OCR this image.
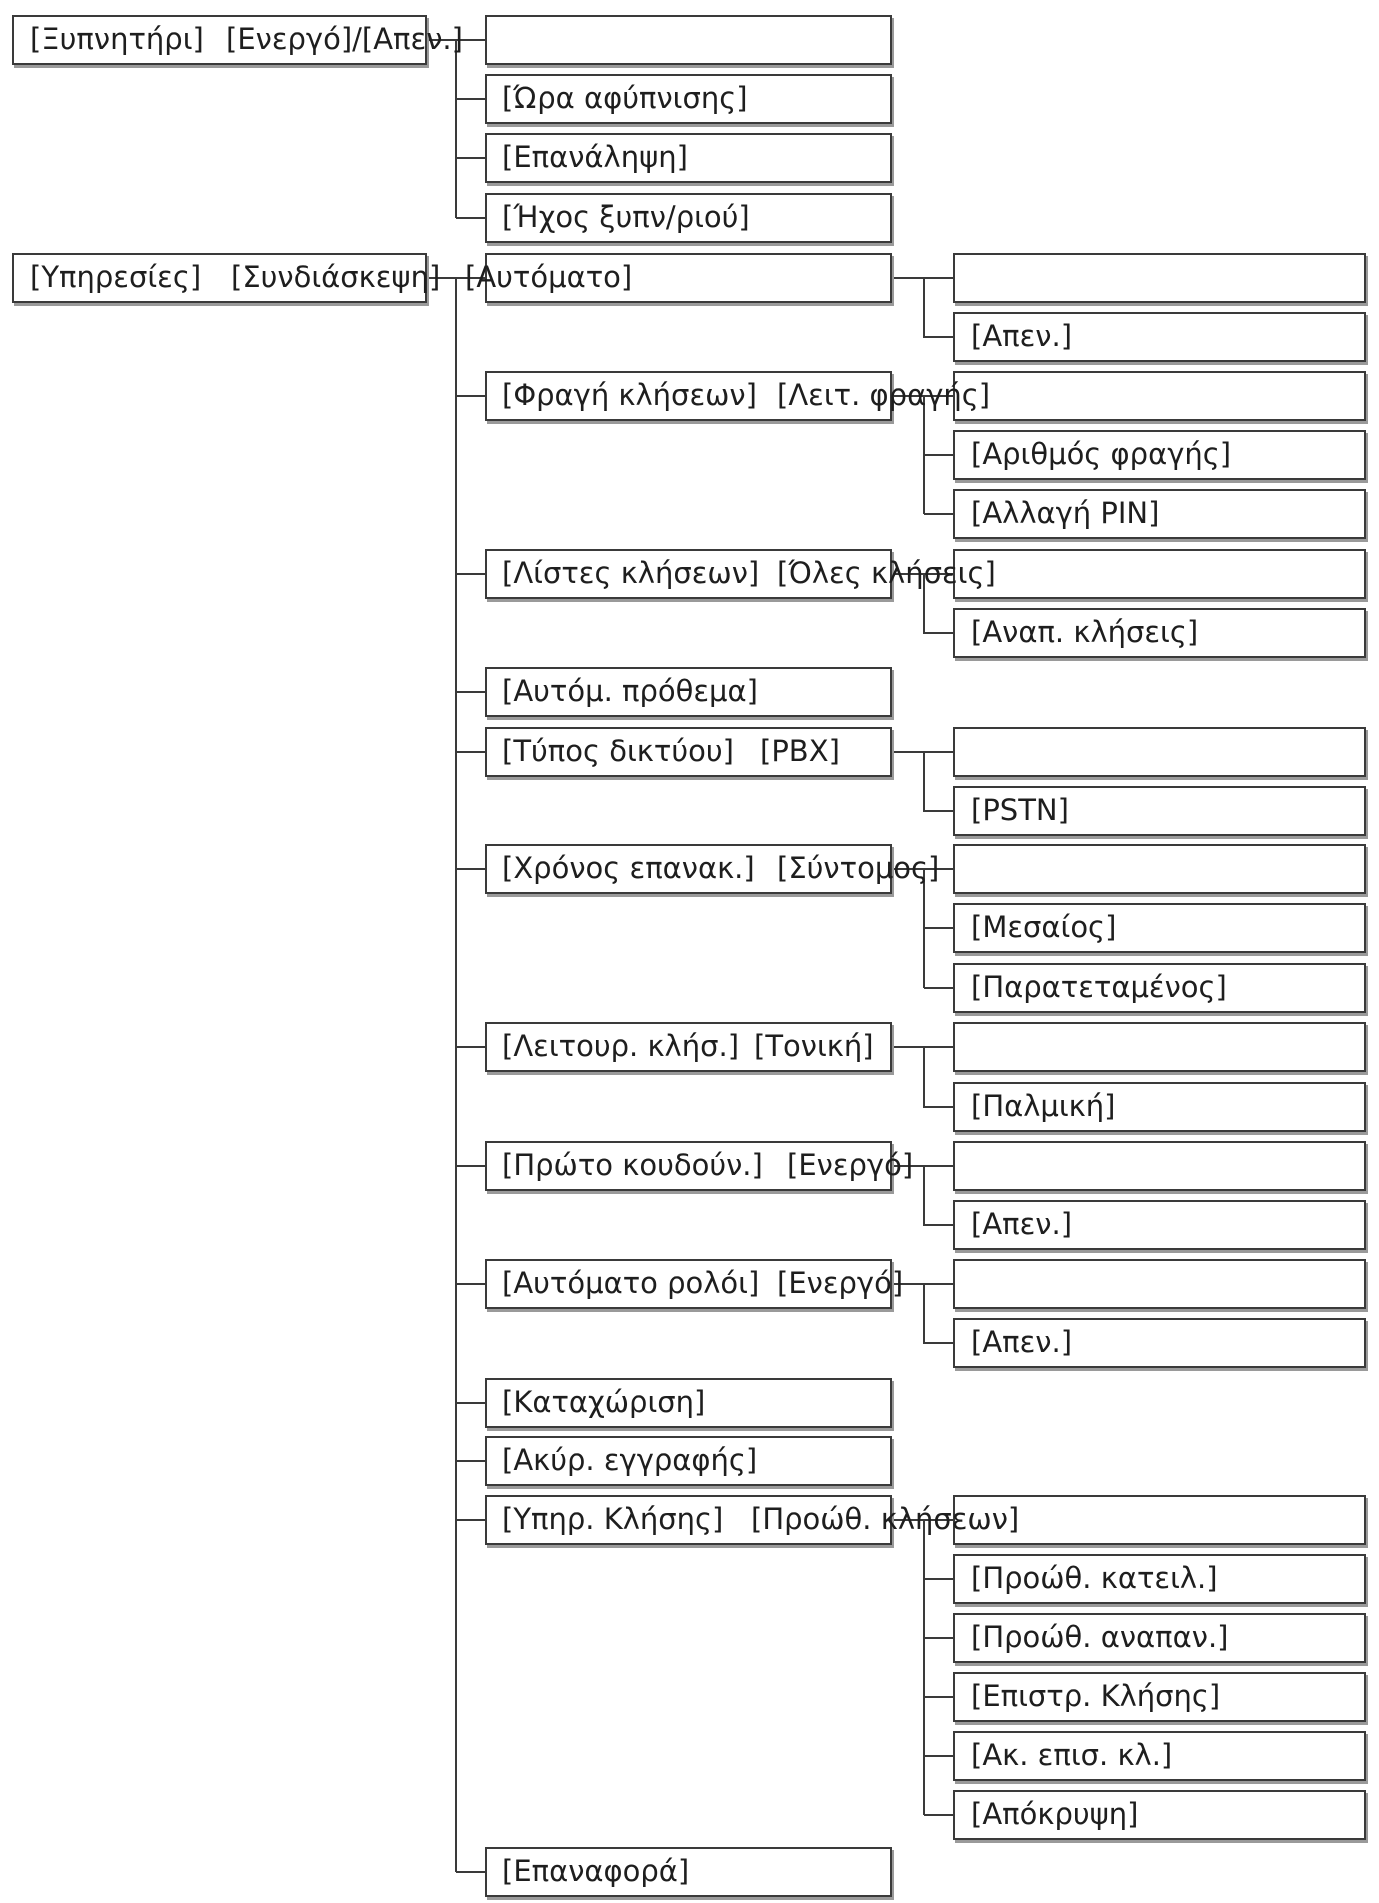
[Ξυπνητήρι] [Ενεργό]/[Απεν.]
[Ώρα αφύπνισης]
[Επανάληψη]
[Ήχος ξυπν/ριού]
[Υπηρεσίες] [Συνδιάσκεψη] [Αυτόματο]
[Απεν.]
[Φραγή κλήσεων] [Λειτ. φραγής]
[Αριθμός φραγής]
[Αλλαγή PIN]
[Λίστες κλήσεων] [Όλες κλήσεις]
[Αναπ. κλήσεις]
[Αυτόμ. πρόθεμα]
[Τύπος δικτύου] [PBX]
[PSTN]
[Χρόνος επανακ.] [Σύντομος]
[Μεσαίος]
[Παρατεταμένος]
[Λειτουρ. κλήσ.] [Τονική]
[Παλμική]
[Πρώτο κουδούν.] [Ενεργό]
[Απεν.]
[Αυτόματο ρολόι] [Ενεργό]
[Απεν.]
[Καταχώριση]
[Ακύρ. εγγραφής]
[Υπηρ. Κλήσης] [Προώθ. κλήσεων]
[Προώθ. κατειλ.]
[Προώθ. αναπαν.]
[Επιστρ. Κλήσης]
[Ακ. επισ. κλ.]
[Απόκρυψη]
[Επαναφορά]
